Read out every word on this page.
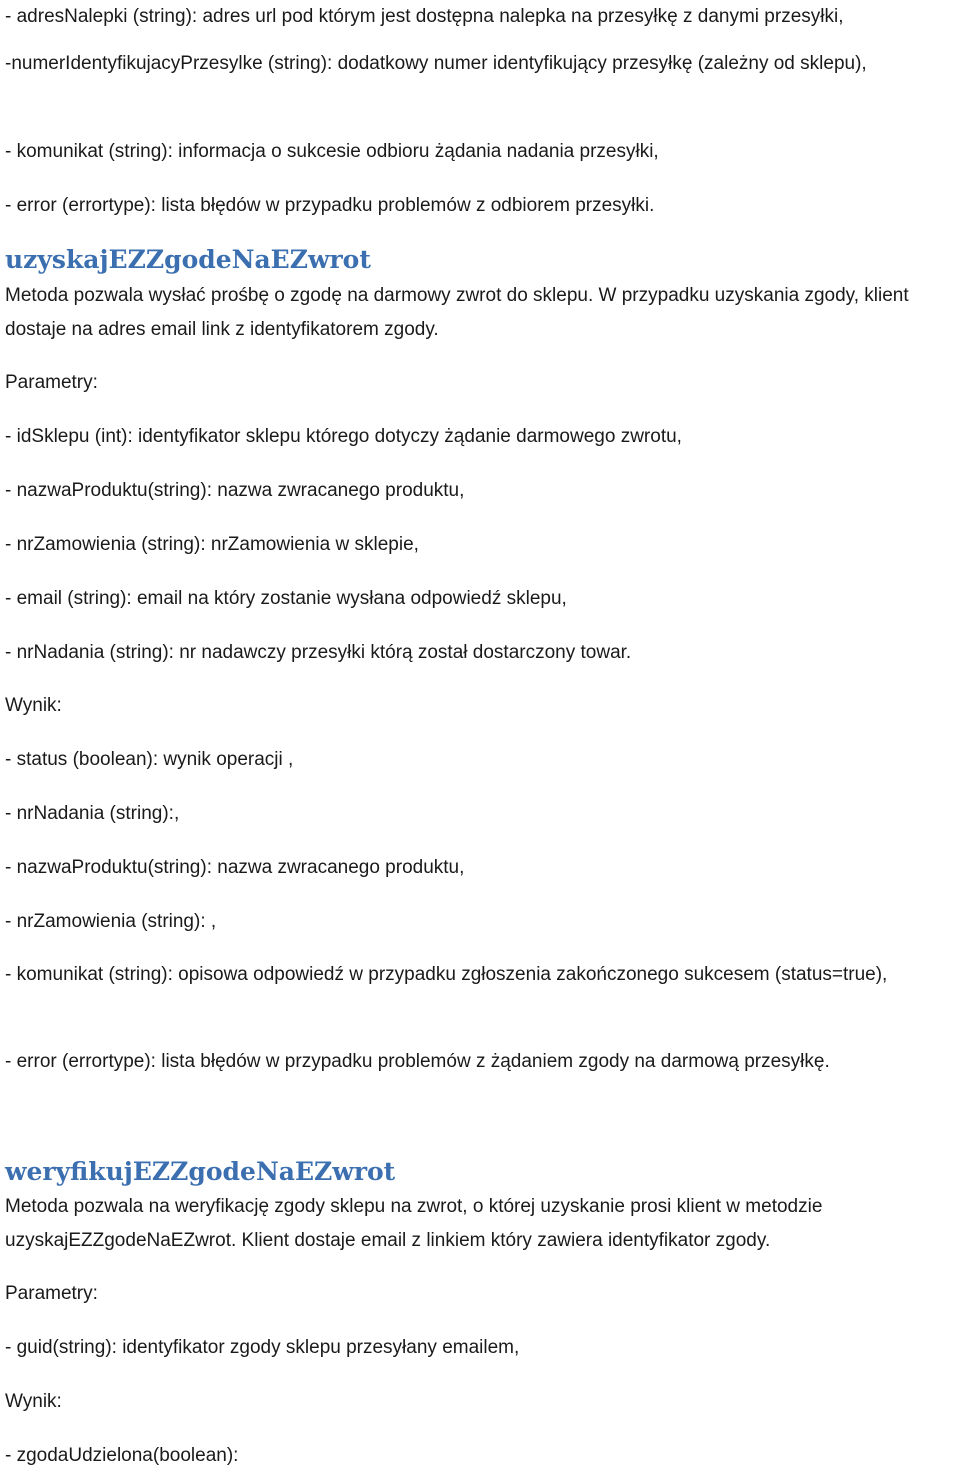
- adresNalepki (string): adres url pod którym jest dostępna nalepka na przesyłkę z danymi przesyłki,

-numerIdentyfikujacyPrzesylke (string): dodatkowy numer identyfikujący przesyłkę (zależny od sklepu),

- komunikat (string): informacja o sukcesie odbioru żądania nadania przesyłki,

- error (errortype): lista błędów w przypadku problemów z odbiorem przesyłki.

uzyskajEZZgodeNaEZwrot

Metoda pozwala wysłać prośbę o zgodę na darmowy zwrot do sklepu. W przypadku uzyskania zgody, klient dostaje na adres email link z identyfikatorem zgody.

Parametry:

- idSklepu (int): identyfikator sklepu którego dotyczy żądanie darmowego zwrotu,

- nazwaProduktu(string): nazwa zwracanego produktu,

- nrZamowienia (string): nrZamowienia w sklepie,

- email (string): email na który zostanie wysłana odpowiedź sklepu,

- nrNadania (string): nr nadawczy przesyłki którą został dostarczony towar.

Wynik:

- status (boolean): wynik operacji ,

- nrNadania (string):,

- nazwaProduktu(string): nazwa zwracanego produktu,

- nrZamowienia (string): ,

- komunikat (string): opisowa odpowiedź w przypadku zgłoszenia zakończonego sukcesem (status=true),

- error (errortype): lista błędów w przypadku problemów z żądaniem zgody na darmową przesyłkę.

weryfikujEZZgodeNaEZwrot

Metoda pozwala na weryfikację zgody sklepu na zwrot, o której uzyskanie prosi klient w metodzie uzyskajEZZgodeNaEZwrot. Klient dostaje email z linkiem który zawiera identyfikator zgody.

Parametry:

- guid(string): identyfikator zgody sklepu przesyłany emailem,

Wynik:

- zgodaUdzielona(boolean):
